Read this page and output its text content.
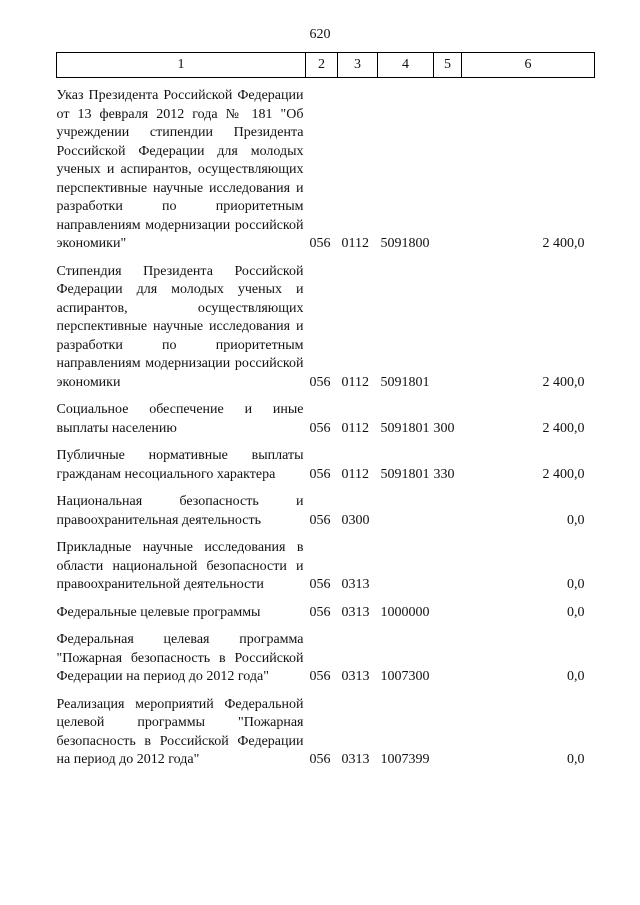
620
1	2	3	4	5	6

Указ Президента Российской Федерации от 13 февраля 2012 года № 181 "Об учреждении стипендии Президента Российской Федерации для молодых ученых и аспирантов, осуществляющих перспективные научные исследования и разработки по приоритетным направлениям модернизации российской экономики"	056	0112	5091800		2 400,0

Стипендия Президента Российской Федерации для молодых ученых и аспирантов, осуществляющих перспективные научные исследования и разработки по приоритетным направлениям модернизации российской экономики	056	0112	5091801		2 400,0

Социальное обеспечение и иные выплаты населению	056	0112	5091801	300	2 400,0

Публичные нормативные выплаты гражданам несоциального характера	056	0112	5091801	330	2 400,0

Национальная безопасность и правоохранительная деятельность	056	0300			0,0

Прикладные научные исследования в области национальной безопасности и правоохранительной деятельности	056	0313			0,0

Федеральные целевые программы	056	0313	1000000		0,0

Федеральная целевая программа "Пожарная безопасность в Российской Федерации на период до 2012 года"	056	0313	1007300		0,0

Реализация мероприятий Федеральной целевой программы "Пожарная безопасность в Российской Федерации на период до 2012 года"	056	0313	1007399		0,0
